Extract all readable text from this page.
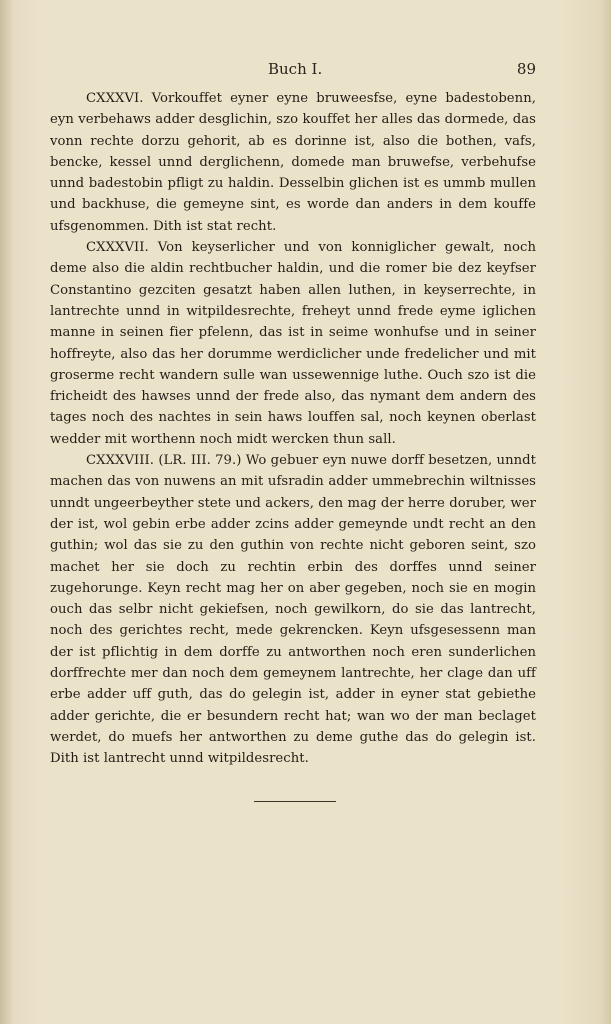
Buch I.	89

CXXXVI. Vorkouffet eyner eyne bruweesfse, eyne badestobenn, eyn verbehaws adder desglichin, szo kouffet her alles das dormede, das vonn rechte dorzu gehorit, ab es dorinne ist, also die bothen, vafs, bencke, kessel unnd derglichenn, domede man bruwefse, verbehufse unnd badestobin pfligt zu haldin. Desselbin glichen ist es ummb mullen und backhuse, die gemeyne sint, es worde dan anders in dem kouffe ufsgenommen. Dith ist stat recht.

CXXXVII. Von keyserlicher und von konniglicher gewalt, noch deme also die aldin rechtbucher haldin, und die romer bie dez keyfser Constantino gezciten gesatzt haben allen luthen, in keyserrechte, in lantrechte unnd in witpildesrechte, freheyt unnd frede eyme iglichen manne in seinen fier pfelenn, das ist in seime wonhufse und in seiner hoffreyte, also das her dorumme werdiclicher unde fredelicher und mit groserme recht wandern sulle wan ussewennige luthe. Ouch szo ist die fricheidt des hawses unnd der frede also, das nymant dem andern des tages noch des nachtes in sein haws louffen sal, noch keynen oberlast wedder mit worthenn noch midt wercken thun sall.

CXXXVIII. (LR. III. 79.) Wo gebuer eyn nuwe dorff besetzen, unndt machen das von nuwens an mit ufsradin adder ummebrechin wiltnisses unndt ungeerbeyther stete und ackers, den mag der herre doruber, wer der ist, wol gebin erbe adder zcins adder gemeynde undt recht an den guthin; wol das sie zu den guthin von rechte nicht geboren seint, szo machet her sie doch zu rechtin erbin des dorffes unnd seiner zugehorunge. Keyn recht mag her on aber gegeben, noch sie en mogin ouch das selbr nicht gekiefsen, noch gewilkorn, do sie das lantrecht, noch des gerichtes recht, mede gekrencken. Keyn ufsgesessenn man der ist pflichtig in dem dorffe zu antworthen noch eren sunderlichen dorffrechte mer dan noch dem gemeynem lantrechte, her clage dan uff erbe adder uff guth, das do gelegin ist, adder in eyner stat gebiethe adder gerichte, die er besundern recht hat; wan wo der man beclaget werdet, do muefs her antworthen zu deme guthe das do gelegin ist. Dith ist lantrecht unnd witpildesrecht.
